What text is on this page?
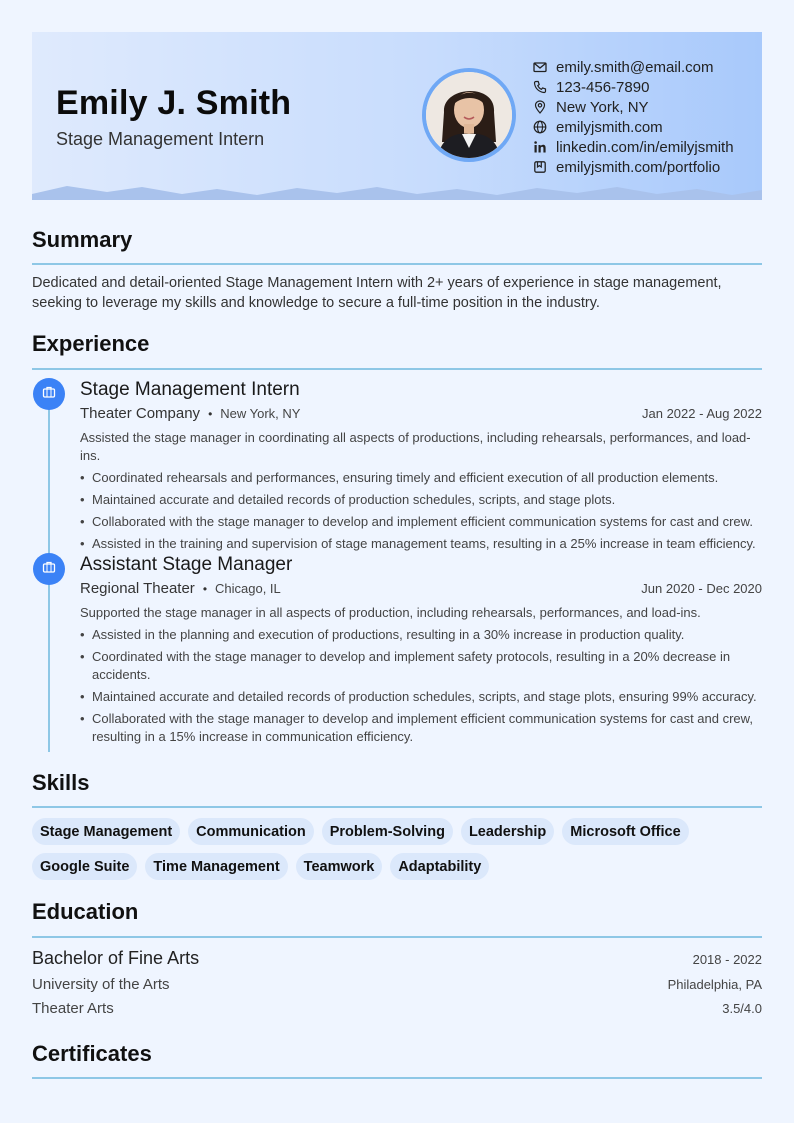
Emily J. Smith
Stage Management Intern
emily.smith@email.com
123-456-7890
New York, NY
emilyjsmith.com
linkedin.com/in/emilyjsmith
emilyjsmith.com/portfolio
Summary
Dedicated and detail-oriented Stage Management Intern with 2+ years of experience in stage management, seeking to leverage my skills and knowledge to secure a full-time position in the industry.
Experience
Stage Management Intern
Theater Company • New York, NY	Jan 2022 - Aug 2022
Assisted the stage manager in coordinating all aspects of productions, including rehearsals, performances, and load-ins.
• Coordinated rehearsals and performances, ensuring timely and efficient execution of all production elements.
• Maintained accurate and detailed records of production schedules, scripts, and stage plots.
• Collaborated with the stage manager to develop and implement efficient communication systems for cast and crew.
• Assisted in the training and supervision of stage management teams, resulting in a 25% increase in team efficiency.
Assistant Stage Manager
Regional Theater • Chicago, IL	Jun 2020 - Dec 2020
Supported the stage manager in all aspects of production, including rehearsals, performances, and load-ins.
• Assisted in the planning and execution of productions, resulting in a 30% increase in production quality.
• Coordinated with the stage manager to develop and implement safety protocols, resulting in a 20% decrease in accidents.
• Maintained accurate and detailed records of production schedules, scripts, and stage plots, ensuring 99% accuracy.
• Collaborated with the stage manager to develop and implement efficient communication systems for cast and crew, resulting in a 15% increase in communication efficiency.
Skills
Stage Management	Communication	Problem-Solving	Leadership	Microsoft Office
Google Suite	Time Management	Teamwork	Adaptability
Education
Bachelor of Fine Arts	2018 - 2022
University of the Arts	Philadelphia, PA
Theater Arts	3.5/4.0
Certificates
